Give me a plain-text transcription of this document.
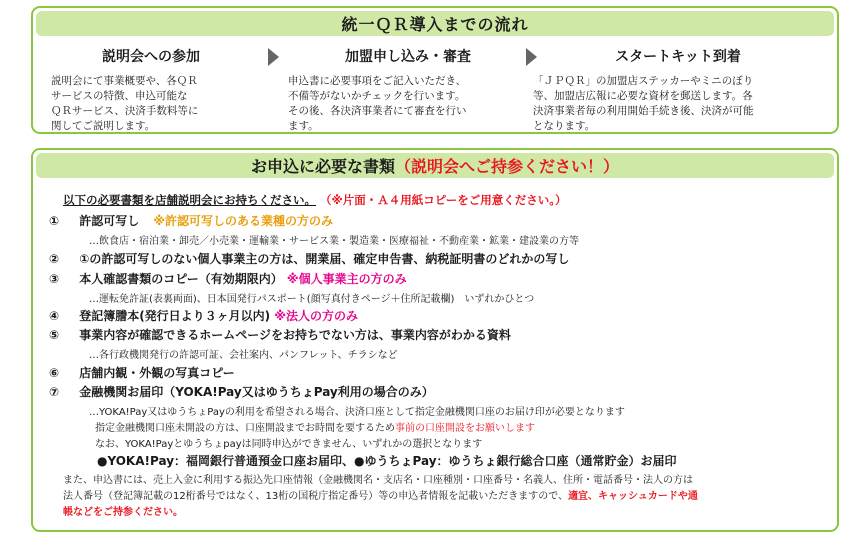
統一ＱＲ導入までの流れ
説明会への参加
説明会にて事業概要や、各ＱＲ
サービスの特徴、申込可能な
ＱＲサービス、決済手数料等に
関してご説明します。
加盟申し込み・審査
申込書に必要事項をご記入いただき、
不備等がないかチェックを行います。
その後、各決済事業者にて審査を行い
ます。
スタートキット到着
「ＪＰＱＲ」の加盟店ステッカーやミニのぼり
等、加盟店広報に必要な資材を郵送します。各
決済事業者毎の利用開始手続き後、決済が可能
となります。
お申込に必要な書類 （説明会へご持参ください！）
以下の必要書類を店舗説明会にお持ちください。 （※片面・Ａ４用紙コピーをご用意ください。）
① 許認可写し ※許認可写しのある業種の方のみ
…飲食店・宿泊業・卸売／小売業・運輸業・サービス業・製造業・医療福祉・不動産業・鉱業・建設業の方等
② ①の許認可写しのない個人事業主の方は、開業届、確定申告書、納税証明書のどれかの写し
③ 本人確認書類のコピー（有効期限内） ※個人事業主の方のみ
…運転免許証(表裏両面)、日本国発行パスポート(顔写真付きページ＋住所記載欄)　いずれかひとつ
④ 登記簿謄本(発行日より３ヶ月以内) ※法人の方のみ
⑤ 事業内容が確認できるホームページをお持ちでない方は、事業内容がわかる資料
…各行政機関発行の許認可証、会社案内、パンフレット、チラシなど
⑥ 店舗内観・外観の写真コピー
⑦ 金融機関お届印（YOKA!Pay又はゆうちょPay利用の場合のみ）
…YOKA!Pay又はゆうちょPayの利用を希望される場合、決済口座として指定金融機関口座のお届け印が必要となります
指定金融機関口座未開設の方は、口座開設までお時間を要するため事前の口座開設をお願いします
なお、YOKA!Payとゆうちょpayは同時申込ができません、いずれかの選択となります
●YOKA!Pay：福岡銀行普通預金口座お届印、●ゆうちょPay：ゆうちょ銀行総合口座（通常貯金）お届印
また、申込書には、売上入金に利用する振込先口座情報（金融機関名・支店名・口座種別・口座番号・名義人、住所・電話番号・法人の方は
法人番号（登記簿記載の12桁番号ではなく、13桁の国税庁指定番号）等の申込者情報を記載いただきますので、適宜、キャッシュカードや通
帳などをご持参ください。
